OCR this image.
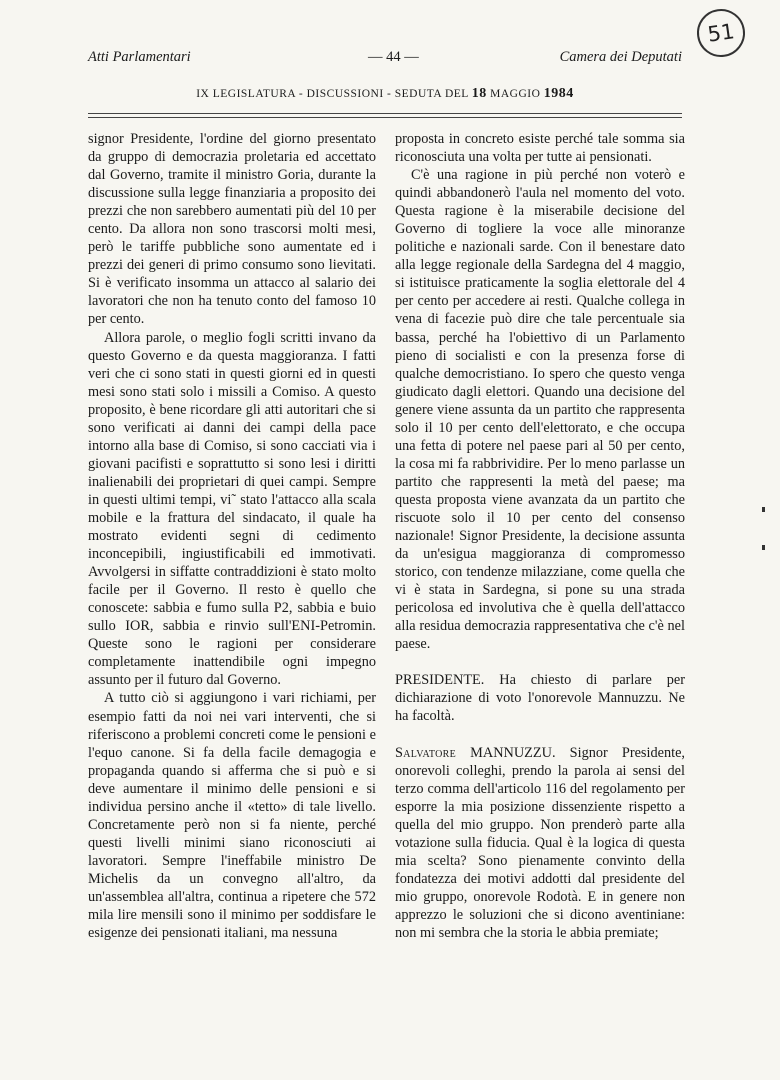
Atti Parlamentari	— 44 —	Camera dei Deputati
51
IX LEGISLATURA - DISCUSSIONI - SEDUTA DEL 18 MAGGIO 1984

signor Presidente, l'ordine del giorno presentato da gruppo di democrazia proletaria ed accettato dal Governo, tramite il ministro Goria, durante la discussione sulla legge finanziaria a proposito dei prezzi che non sarebbero aumentati più del 10 per cento. Da allora non sono trascorsi molti mesi, però le tariffe pubbliche sono aumentate ed i prezzi dei generi di primo consumo sono lievitati. Si è verificato insomma un attacco al salario dei lavoratori che non ha tenuto conto del famoso 10 per cento.

Allora parole, o meglio fogli scritti invano da questo Governo e da questa maggioranza. I fatti veri che ci sono stati in questi giorni ed in questi mesi sono stati solo i missili a Comiso. A questo proposito, è bene ricordare gli atti autoritari che si sono verificati ai danni dei campi della pace intorno alla base di Comiso, si sono cacciati via i giovani pacifisti e soprattutto si sono lesi i diritti inalienabili dei proprietari di quei campi. Sempre in questi ultimi tempi, vi˜ stato l'attacco alla scala mobile e la frattura del sindacato, il quale ha mostrato evidenti segni di cedimento inconcepibili, ingiustificabili ed immotivati. Avvolgersi in siffatte contraddizioni è stato molto facile per il Governo. Il resto è quello che conoscete: sabbia e fumo sulla P2, sabbia e buio sullo IOR, sabbia e rinvio sull'ENI-Petromin. Queste sono le ragioni per considerare completamente inattendibile ogni impegno assunto per il futuro dal Governo.

A tutto ciò si aggiungono i vari richiami, per esempio fatti da noi nei vari interventi, che si riferiscono a problemi concreti come le pensioni e l'equo canone. Si fa della facile demagogia e propaganda quando si afferma che si può e si deve aumentare il minimo delle pensioni e si individua persino anche il «tetto» di tale livello. Concretamente però non si fa niente, perché questi livelli minimi siano riconosciuti ai lavoratori. Sempre l'ineffabile ministro De Michelis da un convegno all'altro, da un'assemblea all'altra, continua a ripetere che 572 mila lire mensili sono il minimo per soddisfare le esigenze dei pensionati italiani, ma nessuna

proposta in concreto esiste perché tale somma sia riconosciuta una volta per tutte ai pensionati.

C'è una ragione in più perché non voterò e quindi abbandonerò l'aula nel momento del voto. Questa ragione è la miserabile decisione del Governo di togliere la voce alle minoranze politiche e nazionali sarde. Con il benestare dato alla legge regionale della Sardegna del 4 maggio, si istituisce praticamente la soglia elettorale del 4 per cento per accedere ai resti. Qualche collega in vena di facezie può dire che tale percentuale sia bassa, perché ha l'obiettivo di un Parlamento pieno di socialisti e con la presenza forse di qualche democristiano. Io spero che questo venga giudicato dagli elettori. Quando una decisione del genere viene assunta da un partito che rappresenta solo il 10 per cento dell'elettorato, e che occupa una fetta di potere nel paese pari al 50 per cento, la cosa mi fa rabbrividire. Per lo meno parlasse un partito che rappresenti la metà del paese; ma questa proposta viene avanzata da un partito che riscuote solo il 10 per cento del consenso nazionale! Signor Presidente, la decisione assunta da un'esigua maggioranza di compromesso storico, con tendenze milazziane, come quella che vi è stata in Sardegna, si pone su una strada pericolosa ed involutiva che è quella dell'attacco alla residua democrazia rappresentativa che c'è nel paese.

PRESIDENTE. Ha chiesto di parlare per dichiarazione di voto l'onorevole Mannuzzu. Ne ha facoltà.

Salvatore MANNUZZU. Signor Presidente, onorevoli colleghi, prendo la parola ai sensi del terzo comma dell'articolo 116 del regolamento per esporre la mia posizione dissenziente rispetto a quella del mio gruppo. Non prenderò parte alla votazione sulla fiducia. Qual è la logica di questa mia scelta? Sono pienamente convinto della fondatezza dei motivi addotti dal presidente del mio gruppo, onorevole Rodotà. E in genere non apprezzo le soluzioni che si dicono aventiniane: non mi sembra che la storia le abbia premiate;
